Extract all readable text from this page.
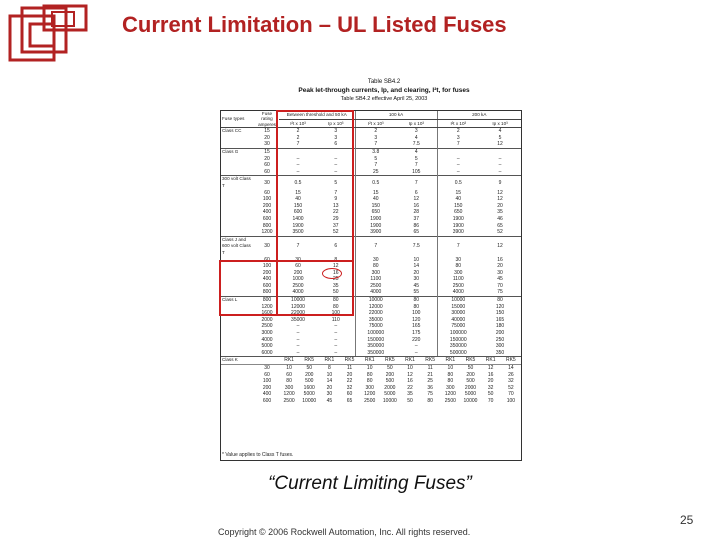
Current Limitation – UL Listed Fuses
Table SB4.2
Peak let-through currents, Ip, and clearing, I²t, for fuses
Table SB4.2 effective April 25, 2003
Fuse types	Fuse rating amperes	Between threshold and 50 kA		100 kA		200 kA	
		I²t x 10³	Ip x 10³	I²t x 10³	Ip x 10³	I²t x 10³	Ip x 10³
Class CC	15	2	3	2	3	2	4
	20	2	3	3	4	3	5
	30	7	6	7	7.5	7	12
Class G	15			3.8	4		
	20	–	–	5	5	–	–
	60	–	–	7	7	–	–
	60	–	–	25	105	–	–
300 volt Class T	30	0.5	5	0.5	7	0.5	9
	60	15	7	15	6	15	12
	100	40	9	40	12	40	12
	200	150	13	150	16	150	20
	400	600	22	650	28	650	35
	600	1400	29	1900	37	1900	46
	800	1900	37	1900	86	1900	65
	1200	3500	52	3900	65	3900	52
Class J and 600 volt Class T	30	7	6	7	7.5	7	12
	60	30	8	30	10	30	16
	100	60	12	80	14	80	20
	200	200	16	300	20	300	30
	400	1000	25	1100	30	1100	45
	600	2500	35	2500	45	2500	70
	800	4000	50	4000	55	4000	75
Class L	800	10000	80	10000	80	10000	80
	1200	12000	80	12000	80	15000	120
	1600	22000	100	22000	100	30000	150
	2000	35000	110	35000	120	40000	165
	2500	–	–	75000	165	75000	180
	3000	–	–	100000	175	100000	200
	4000	–	–	150000	220	150000	250
	5000	–	–	350000	–	350000	300
	6000	–	–	350000	–	500000	350
Class K		RK1	RK5	RK1	RK5	RK1	RK5	RK1	RK5	RK1	RK5	RK1	RK5
	30	10	50	8	11	10	50	10	11	10	50	12	14
	60	60	200	10	20	80	200	12	21	80	200	16	26
	100	80	500	14	22	80	500	16	25	80	500	20	32
	200	300	1600	20	32	300	2000	22	36	300	2000	32	52
	400	1200	5000	30	60	1200	5000	35	75	1200	5000	50	70
	600	2500	10000	45	65	2500	10000	50	80	2500	10000	70	100
* Value applies to Class T fuses.
“Current Limiting Fuses”
Copyright © 2006 Rockwell Automation, Inc. All rights reserved.
25
